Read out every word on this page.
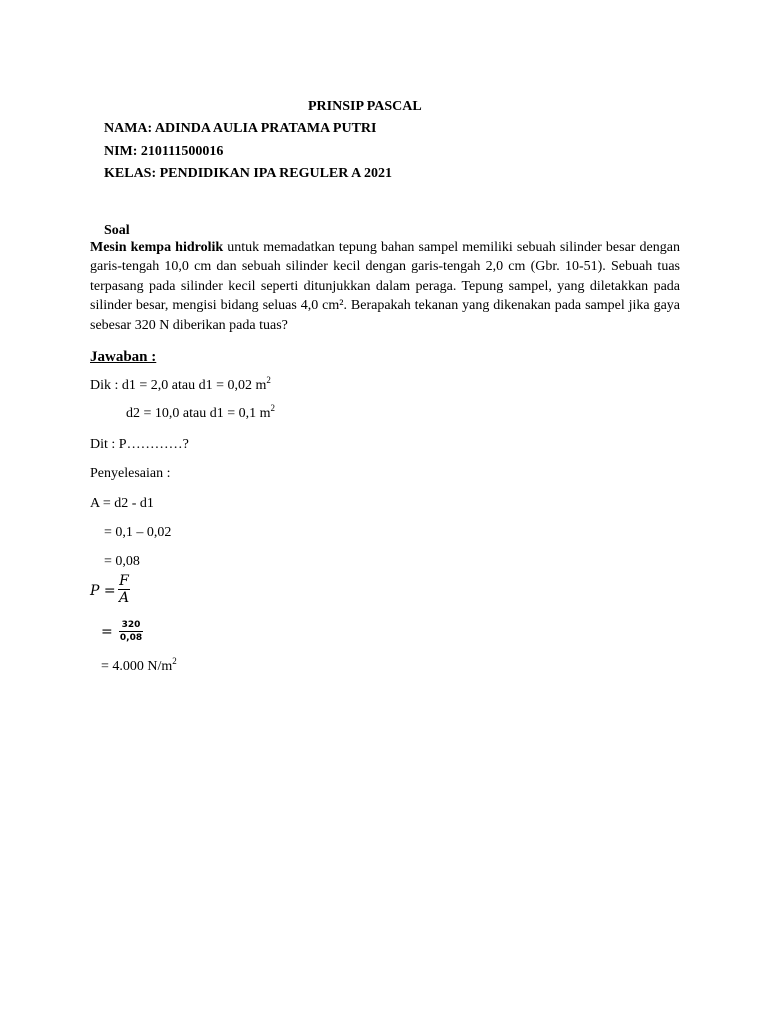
PRINSIP PASCAL
NAMA: ADINDA AULIA PRATAMA PUTRI
NIM: 210111500016
KELAS: PENDIDIKAN IPA REGULER A 2021
Soal
Mesin kempa hidrolik untuk memadatkan tepung bahan sampel memiliki sebuah silinder besar dengan garis-tengah 10,0 cm dan sebuah silinder kecil dengan garis-tengah 2,0 cm (Gbr. 10-51). Sebuah tuas terpasang pada silinder kecil seperti ditunjukkan dalam peraga. Tepung sampel, yang diletakkan pada silinder besar, mengisi bidang seluas 4,0 cm². Berapakah tekanan yang dikenakan pada sampel jika gaya sebesar 320 N diberikan pada tuas?
Jawaban :
Dik : d1 = 2,0 atau d1 = 0,02 $m^2$
d2 = 10,0 atau d1 = 0,1 $m^2$
Dit : P…………?
Penyelesaian :
A = d2 - d1
= 0,1 – 0,02
= 0,08
P =
F
A
= 320
0,08
= 4.000 $N/m^2$
